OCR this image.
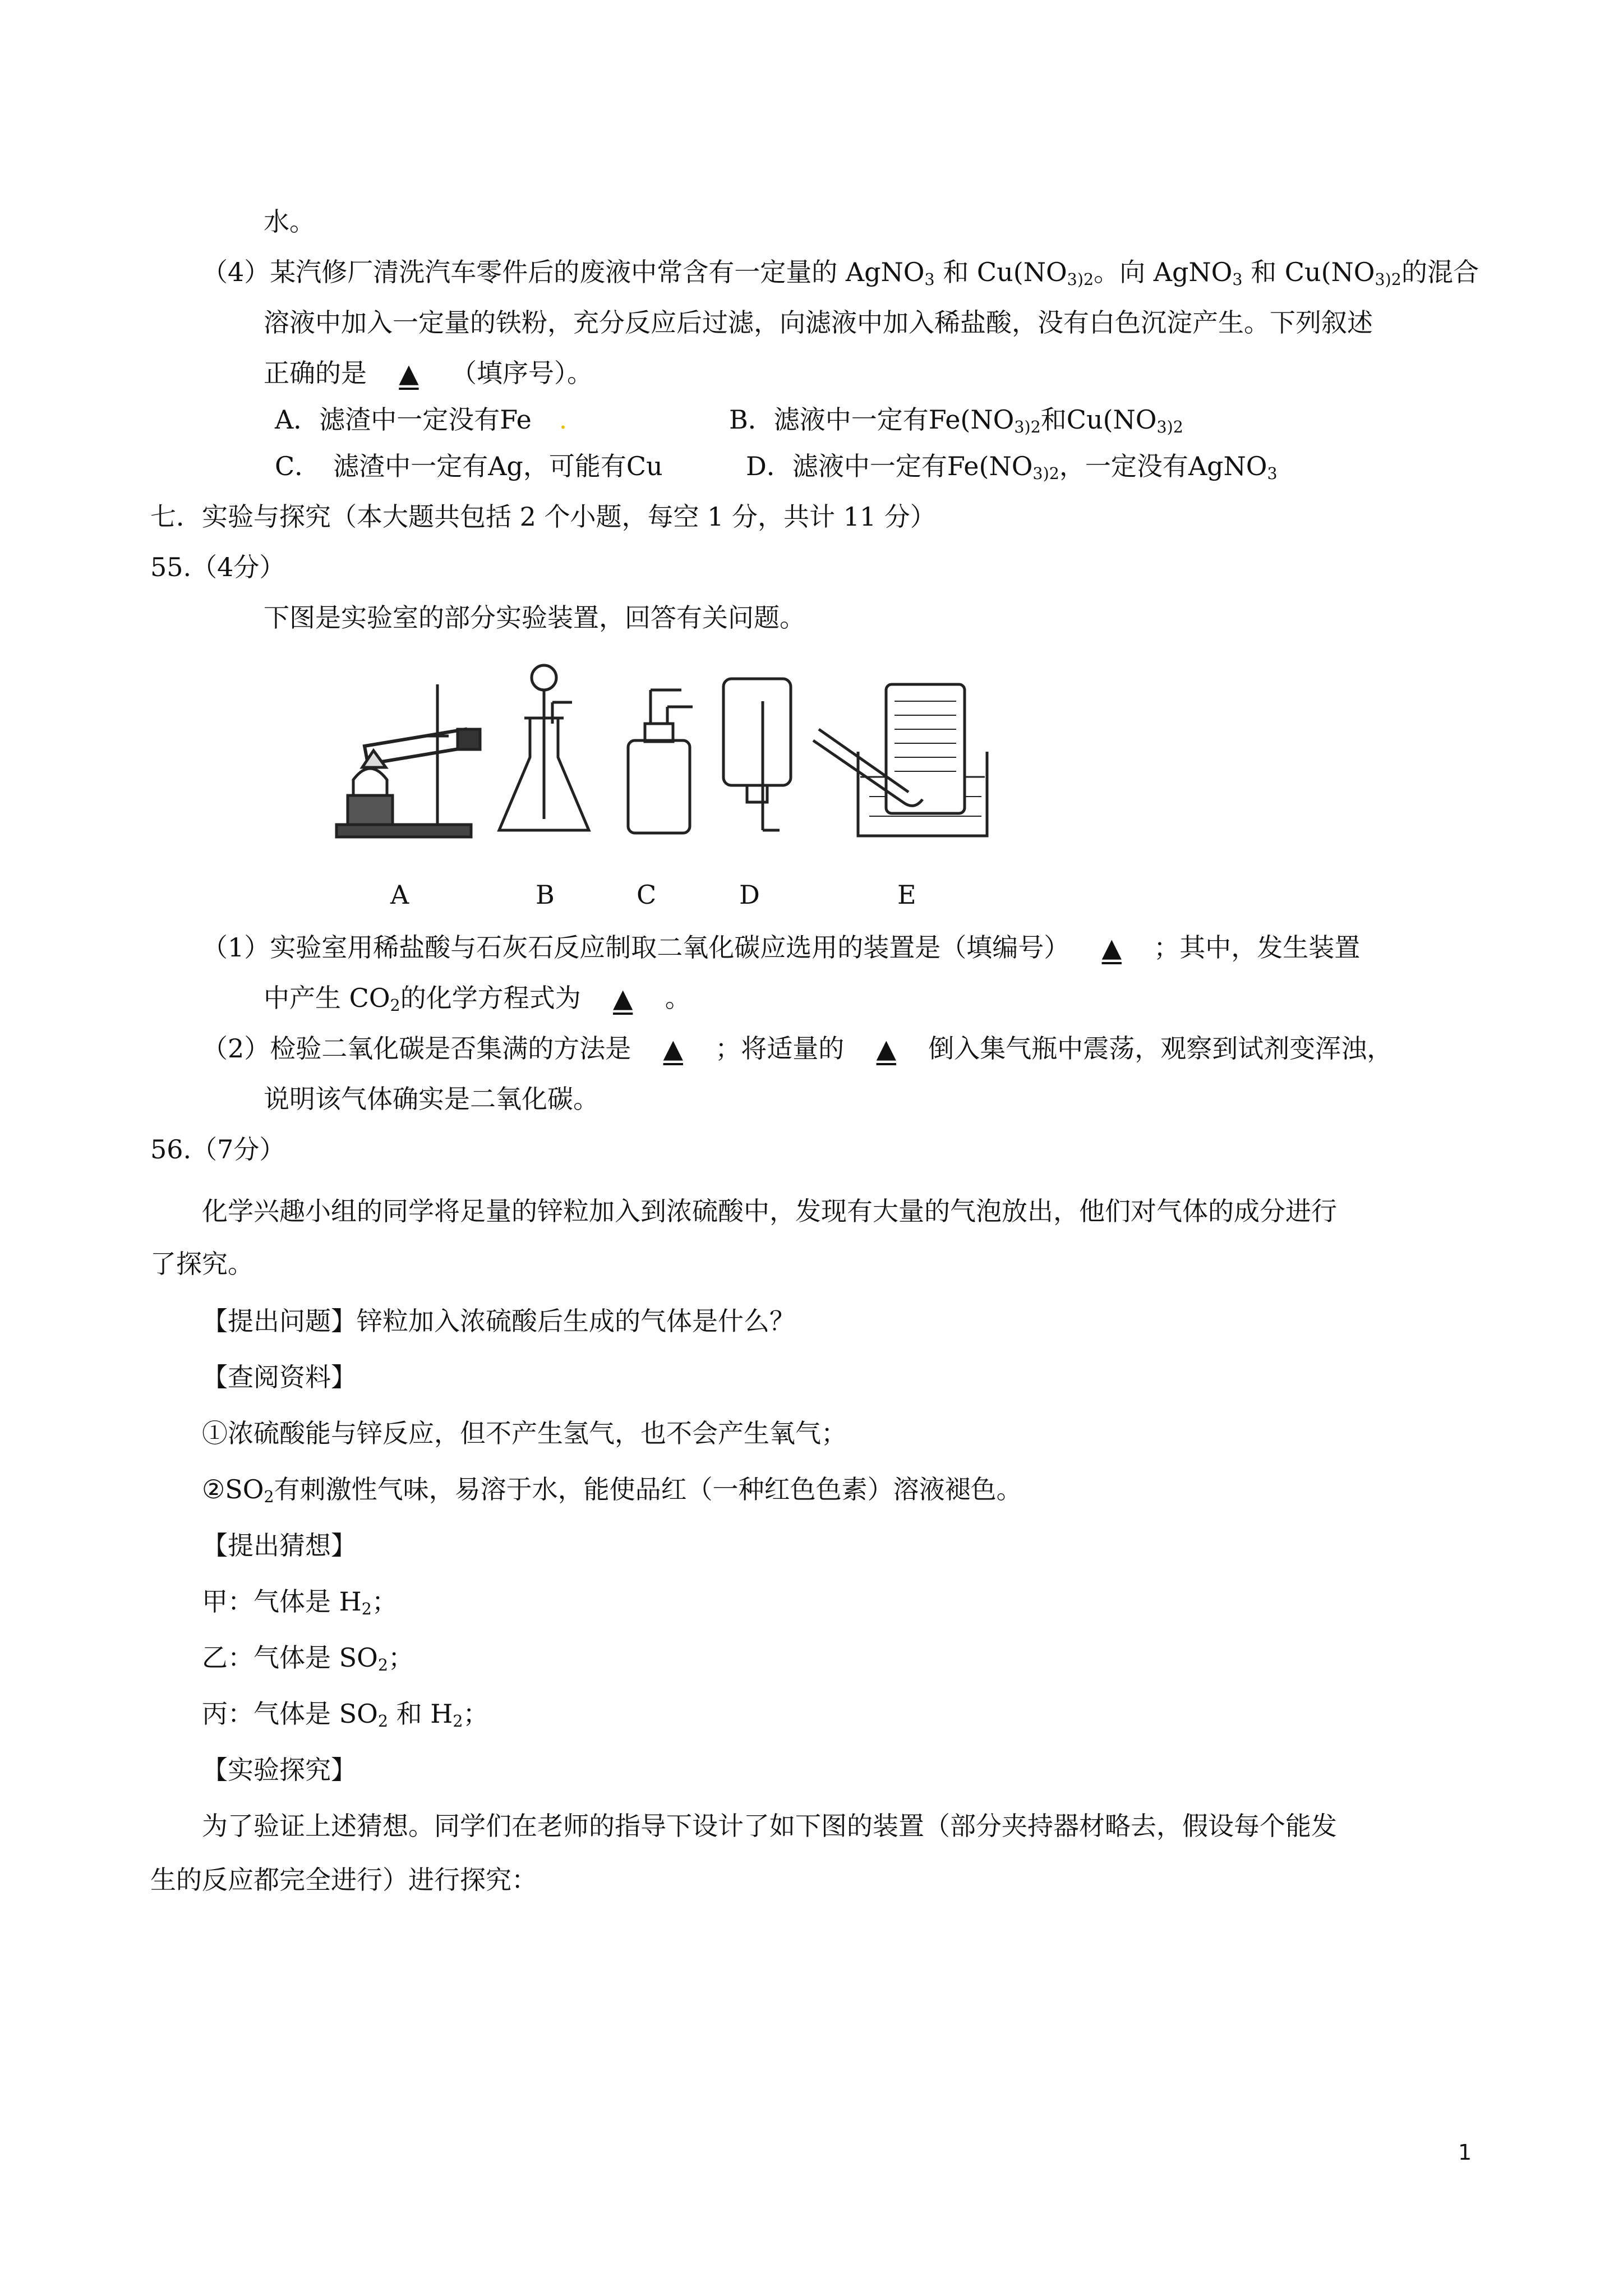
水。
（4）某汽修厂清洗汽车零件后的废液中常含有一定量的 AgNO$_3$ 和 $Cu(NO_3)2$。向 AgNO$_3$ 和 $Cu(NO_3)2$的混合
溶液中加入一定量的铁粉，充分反应后过滤，向滤液中加入稀盐酸，没有白色沉淀产生。下列叙述
正确的是 ▲ （填序号）。
A．滤渣中一定没有Fe .	B．滤液中一定有$Fe(NO_3)2$和$Cu(NO_3)2$
C．　滤渣中一定有Ag，可能有Cu	D．滤液中一定有$Fe(NO_3)2$，一定没有AgNO$_3$
七．实验与探究（本大题共包括 2 个小题，每空 1 分，共计 11 分）
55.（4分）
下图是实验室的部分实验装置，回答有关问题。
A	B	C	D	E
（1）实验室用稀盐酸与石灰石反应制取二氧化碳应选用的装置是（填编号） ▲ ；其中，发生装置
中产生 $CO_2$的化学方程式为 ▲ 。
（2）检验二氧化碳是否集满的方法是 ▲ ；将适量的 ▲ 倒入集气瓶中震荡，观察到试剂变浑浊，
说明该气体确实是二氧化碳。
56.（7分）
化学兴趣小组的同学将足量的锌粒加入到浓硫酸中，发现有大量的气泡放出，他们对气体的成分进行
了探究。
【提出问题】锌粒加入浓硫酸后生成的气体是什么？
【查阅资料】
①浓硫酸能与锌反应，但不产生氢气，也不会产生氧气；
$②SO_2$有刺激性气味，易溶于水，能使品红（一种红色色素）溶液褪色。
【提出猜想】
甲：气体是 $H_2$；
乙：气体是 $SO_2$；
丙：气体是 $SO_2$ 和 $H_2$；
【实验探究】
为了验证上述猜想。同学们在老师的指导下设计了如下图的装置（部分夹持器材略去，假设每个能发
生的反应都完全进行）进行探究：
1
